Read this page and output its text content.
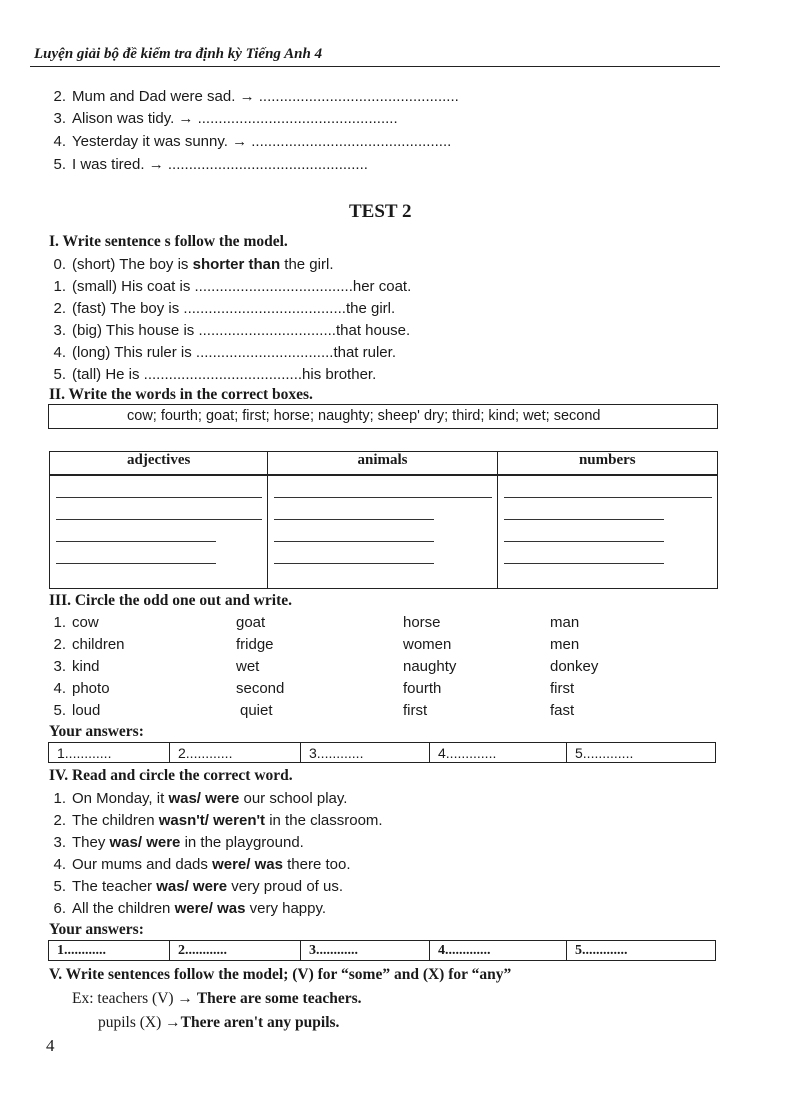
Luyện giải bộ đề kiểm tra định kỳ Tiếng Anh 4
2. Mum and Dad were sad. → ................................................
3. Alison was tidy. → ................................................
4. Yesterday it was sunny. → ................................................
5. I was tired. → ................................................
TEST 2
I. Write sentence s follow the model.
0. (short) The boy is shorter than the girl.
1. (small) His coat is ......................................her coat.
2. (fast) The boy is .......................................the girl.
3. (big) This house is .................................that house.
4. (long) This ruler is .................................that ruler.
5. (tall) He is ......................................his brother.
II. Write the words in the correct boxes.
cow; fourth; goat; first; horse; naughty; sheep' dry; third; kind; wet; second
adjectives	animals	numbers

III. Circle the odd one out and write.
1. cow	goat	horse	man
2. children	fridge	women	men
3. kind	wet	naughty	donkey
4. photo	second	fourth	first
5. loud	quiet	first	fast
Your answers:
1............	2............	3............	4.............	5.............
IV. Read and circle the correct word.
1. On Monday, it was/ were our school play.
2. The children wasn't/ weren't in the classroom.
3. They was/ were in the playground.
4. Our mums and dads were/ was there too.
5. The teacher was/ were very proud of us.
6. All the children were/ was very happy.
Your answers:
1............	2............	3............	4.............	5.............
V. Write sentences follow the model; (V) for “some” and (X) for “any”
Ex: teachers (V) → There are some teachers.
pupils (X) →There aren't any pupils.
4
